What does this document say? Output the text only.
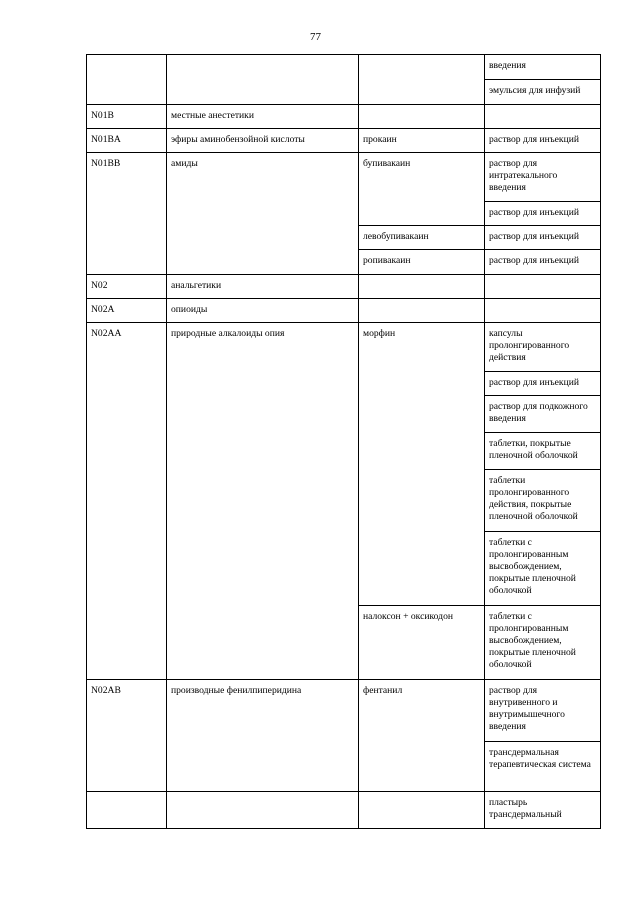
77
			введения
			эмульсия для инфузий
N01B	местные анестетики		
N01BA	эфиры аминобензойной кислоты	прокаин	раствор для инъекций
N01BB	амиды	бупивакаин	раствор для интратекального введения
			раствор для инъекций
		левобупивакаин	раствор для инъекций
		ропивакаин	раствор для инъекций
N02	анальгетики		
N02A	опиоиды		
N02AA	природные алкалоиды опия	морфин	капсулы пролонгированного действия
			раствор для инъекций
			раствор для подкожного введения
			таблетки, покрытые пленочной оболочкой
			таблетки пролонгированного действия, покрытые пленочной оболочкой
			таблетки с пролонгированным высвобождением, покрытые пленочной оболочкой
		налоксон + оксикодон	таблетки с пролонгированным высвобождением, покрытые пленочной оболочкой
N02AB	производные фенилпиперидина	фентанил	раствор для внутривенного и внутримышечного введения
			трансдермальная терапевтическая система
			пластырь трансдермальный
